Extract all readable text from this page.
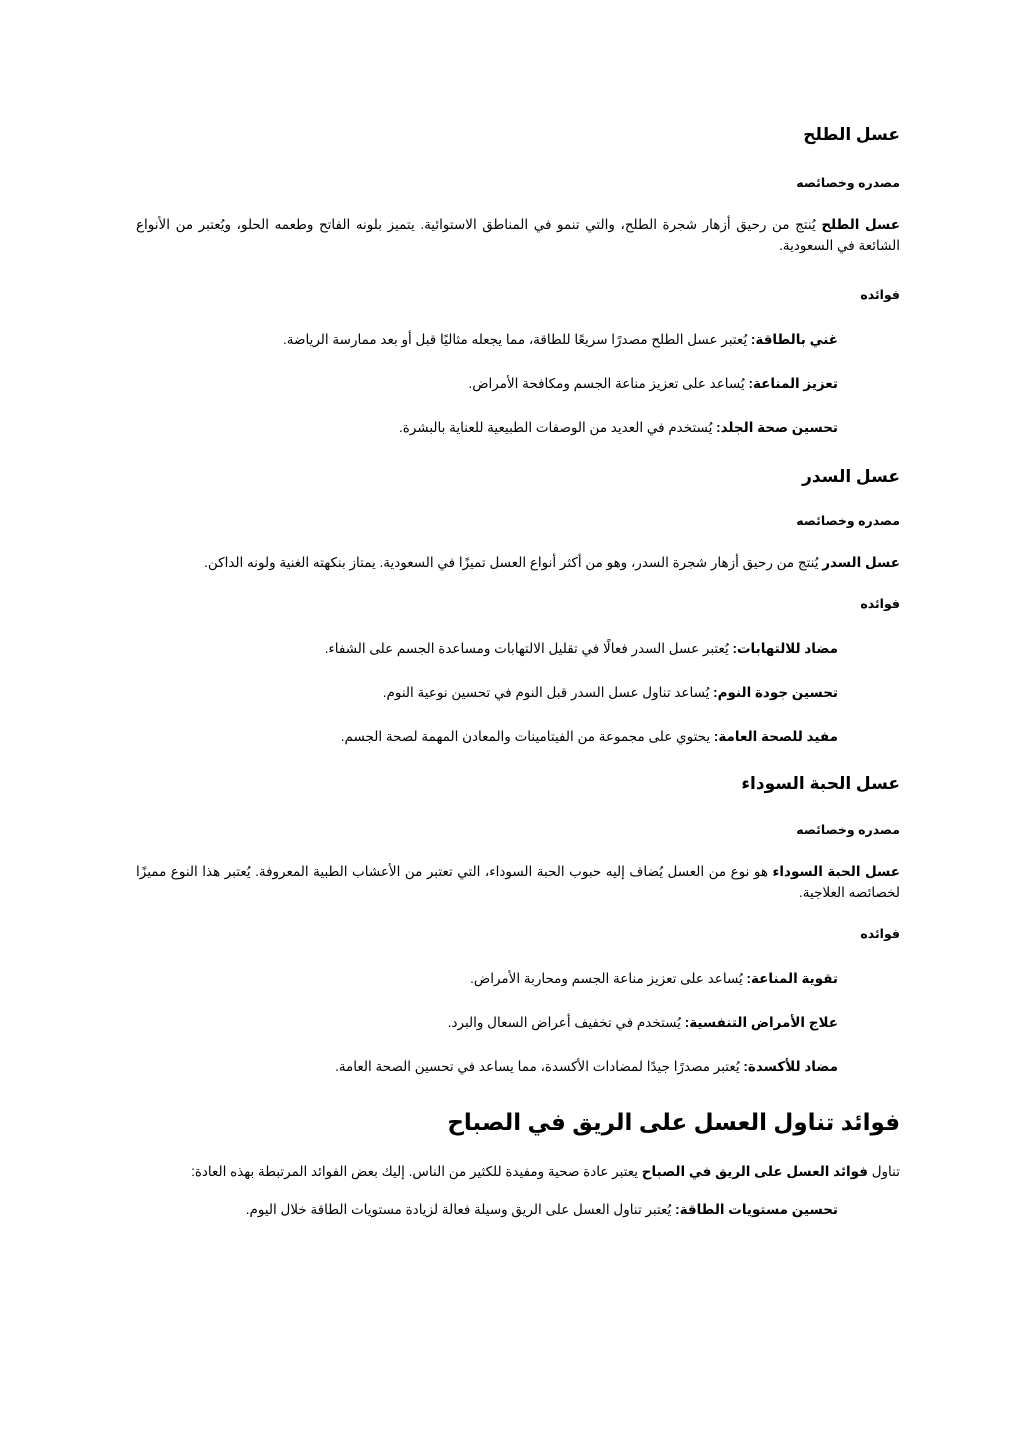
عسل الطلح
مصدره وخصائصه

عسل الطلح يُنتج من رحيق أزهار شجرة الطلح، والتي تنمو في المناطق الاستوائية. يتميز بلونه الفاتح وطعمه الحلو، ويُعتبر من الأنواع الشائعة في السعودية.

فوائده
غني بالطاقة: يُعتبر عسل الطلح مصدرًا سريعًا للطاقة، مما يجعله مثاليًا قبل أو بعد ممارسة الرياضة.
تعزيز المناعة: يُساعد على تعزيز مناعة الجسم ومكافحة الأمراض.
تحسين صحة الجلد: يُستخدم في العديد من الوصفات الطبيعية للعناية بالبشرة.
عسل السدر
مصدره وخصائصه

عسل السدر يُنتج من رحيق أزهار شجرة السدر، وهو من أكثر أنواع العسل تميزًا في السعودية. يمتاز بنكهته الغنية ولونه الداكن.

فوائده
مضاد للالتهابات: يُعتبر عسل السدر فعالًا في تقليل الالتهابات ومساعدة الجسم على الشفاء.
تحسين جودة النوم: يُساعد تناول عسل السدر قبل النوم في تحسين نوعية النوم.
مفيد للصحة العامة: يحتوي على مجموعة من الفيتامينات والمعادن المهمة لصحة الجسم.
عسل الحبة السوداء
مصدره وخصائصه

عسل الحبة السوداء هو نوع من العسل يُضاف إليه حبوب الحبة السوداء، التي تعتبر من الأعشاب الطبية المعروفة. يُعتبر هذا النوع مميزًا لخصائصه العلاجية.

فوائده
تقوية المناعة: يُساعد على تعزيز مناعة الجسم ومحاربة الأمراض.
علاج الأمراض التنفسية: يُستخدم في تخفيف أعراض السعال والبرد.
مضاد للأكسدة: يُعتبر مصدرًا جيدًا لمضادات الأكسدة، مما يساعد في تحسين الصحة العامة.
فوائد تناول العسل على الريق في الصباح

تناول فوائد العسل على الريق في الصباح يعتبر عادة صحية ومفيدة للكثير من الناس. إليك بعض الفوائد المرتبطة بهذه العادة:

تحسين مستويات الطاقة: يُعتبر تناول العسل على الريق وسيلة فعالة لزيادة مستويات الطاقة خلال اليوم.
